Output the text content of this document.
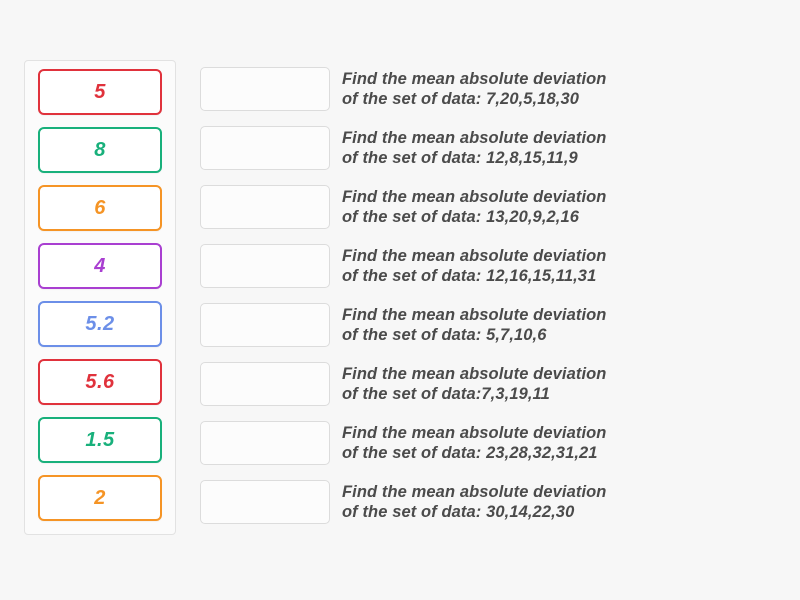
5
8
6
4
5.2
5.6
1.5
2
Find the mean absolute deviation
of the set of data: 7,20,5,18,30
Find the mean absolute deviation
of the set of data: 12,8,15,11,9
Find the mean absolute deviation
of the set of data: 13,20,9,2,16
Find the mean absolute deviation
of the set of data: 12,16,15,11,31
Find the mean absolute deviation
of the set of data: 5,7,10,6
Find the mean absolute deviation
of the set of data:7,3,19,11
Find the mean absolute deviation
of the set of data: 23,28,32,31,21
Find the mean absolute deviation
of the set of data: 30,14,22,30
